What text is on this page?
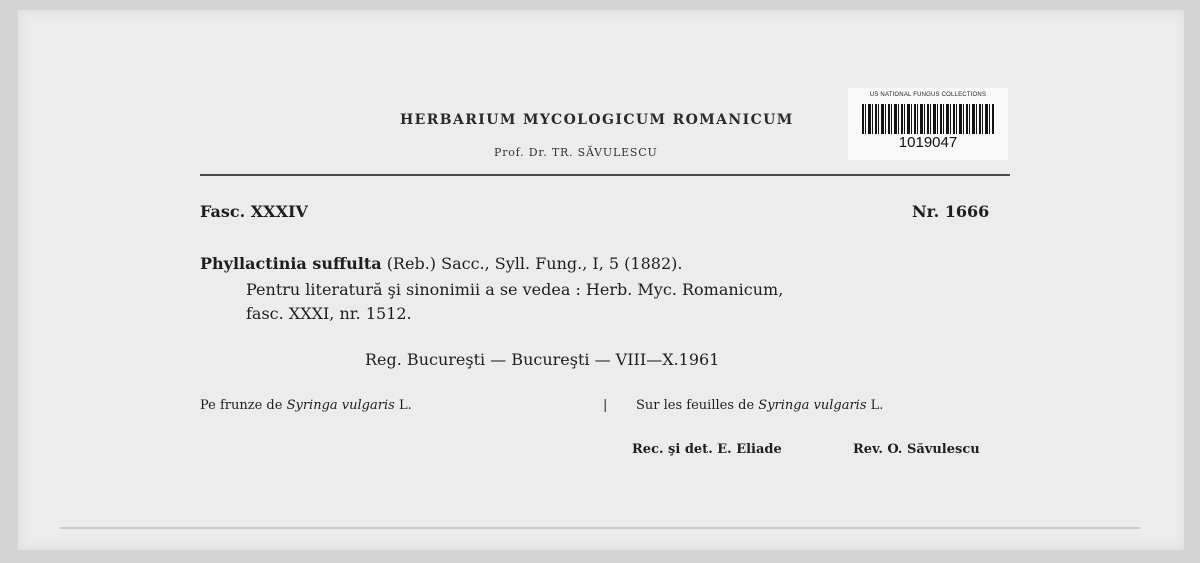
HERBARIUM MYCOLOGICUM ROMANICUM
Prof. Dr. TR. SĂVULESCU
US NATIONAL FUNGUS COLLECTIONS
1019047
Fasc. XXXIV	Nr. 1666
Phyllactinia suffulta (Reb.) Sacc., Syll. Fung., I, 5 (1882).
Pentru literatură şi sinonimii a se vedea : Herb. Myc. Romanicum,
fasc. XXXI, nr. 1512.
Reg. Bucureşti — Bucureşti — VIII—X.1961
Pe frunze de Syringa vulgaris L.	| Sur les feuilles de Syringa vulgaris L.
Rec. şi det. E. Eliade	Rev. O. Săvulescu
